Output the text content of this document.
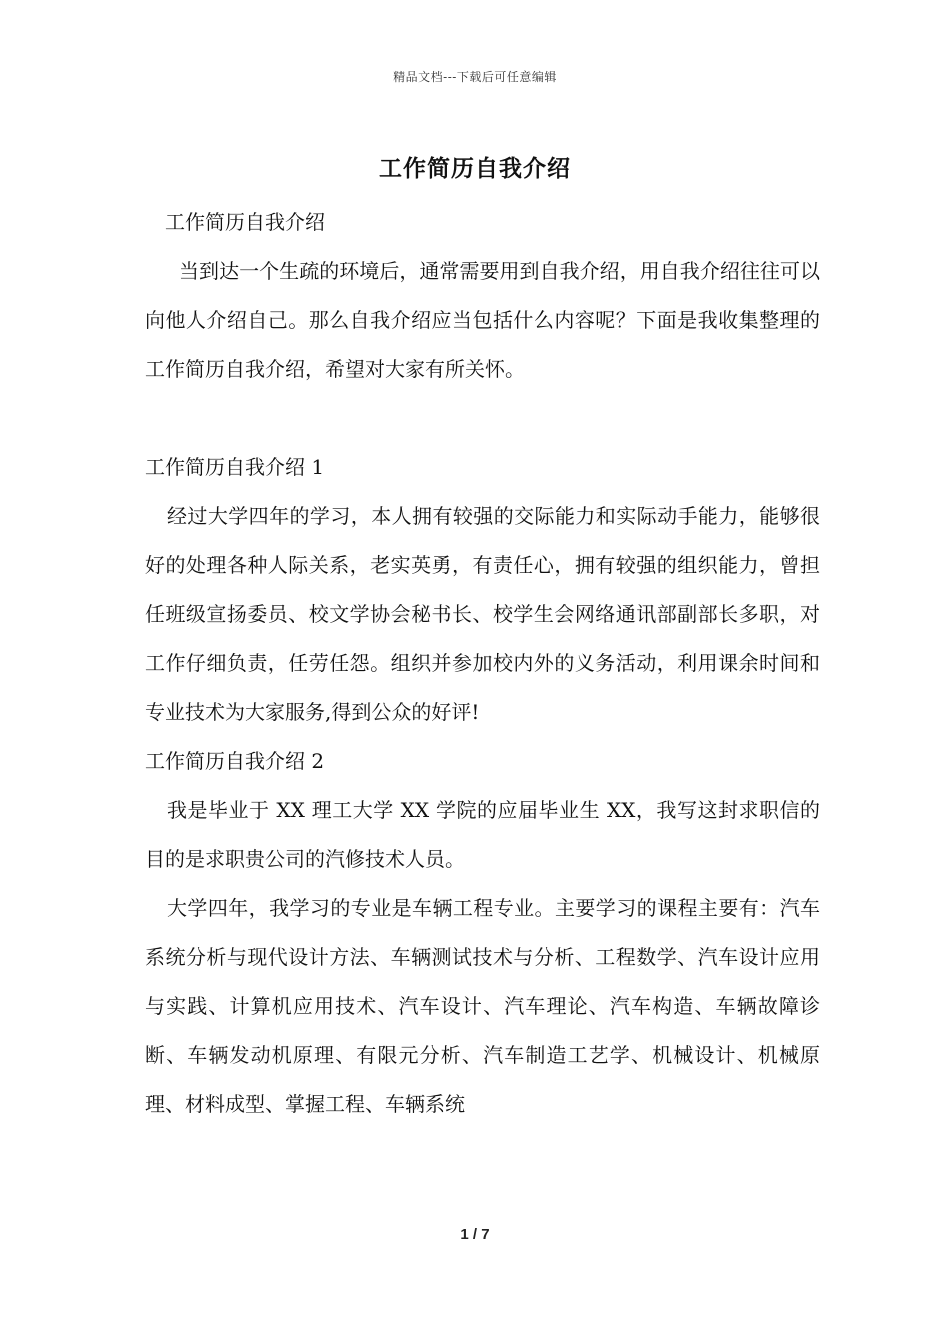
精品文档---下载后可任意编辑
工作简历自我介绍

工作简历自我介绍

当到达一个生疏的环境后，通常需要用到自我介绍，用自我介绍往往可以向他人介绍自己。那么自我介绍应当包括什么内容呢？下面是我收集整理的工作简历自我介绍，希望对大家有所关怀。

工作简历自我介绍 1

经过大学四年的学习，本人拥有较强的交际能力和实际动手能力，能够很好的处理各种人际关系，老实英勇，有责任心，拥有较强的组织能力，曾担任班级宣扬委员、校文学协会秘书长、校学生会网络通讯部副部长多职，对工作仔细负责，任劳任怨。组织并参加校内外的义务活动，利用课余时间和专业技术为大家服务,得到公众的好评!

工作简历自我介绍 2

我是毕业于 XX 理工大学 XX 学院的应届毕业生 XX，我写这封求职信的目的是求职贵公司的汽修技术人员。

大学四年，我学习的专业是车辆工程专业。主要学习的课程主要有：汽车系统分析与现代设计方法、车辆测试技术与分析、工程数学、汽车设计应用与实践、计算机应用技术、汽车设计、汽车理论、汽车构造、车辆故障诊断、车辆发动机原理、有限元分析、汽车制造工艺学、机械设计、机械原理、材料成型、掌握工程、车辆系统

1 / 7
